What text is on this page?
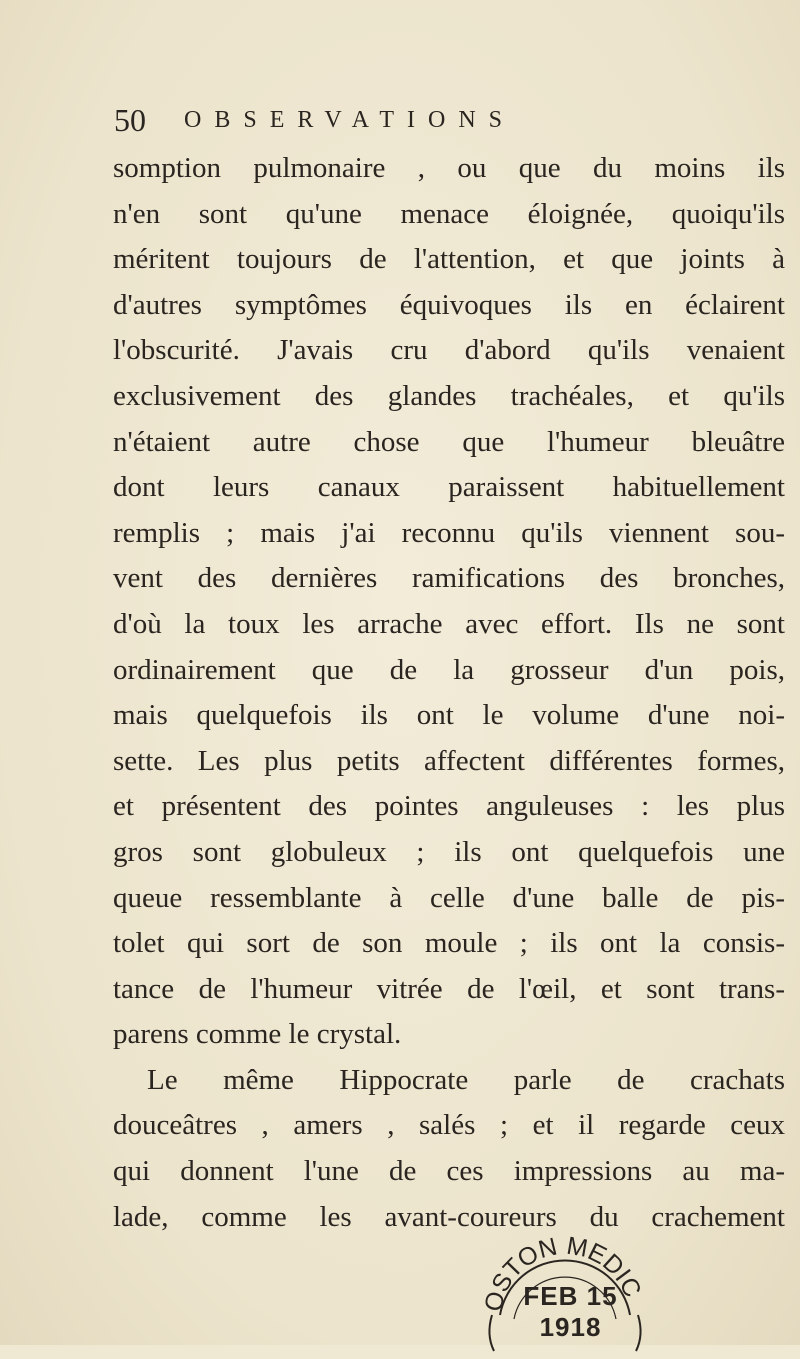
50 OBSERVATIONS
somption pulmonaire , ou que du moins ils
n'en sont qu'une menace éloignée, quoiqu'ils
méritent toujours de l'attention, et que joints à
d'autres symptômes équivoques ils en éclairent
l'obscurité. J'avais cru d'abord qu'ils venaient
exclusivement des glandes trachéales, et qu'ils
n'étaient autre chose que l'humeur bleuâtre
dont leurs canaux paraissent habituellement
remplis ; mais j'ai reconnu qu'ils viennent sou-
vent des dernières ramifications des bronches,
d'où la toux les arrache avec effort. Ils ne sont
ordinairement que de la grosseur d'un pois,
mais quelquefois ils ont le volume d'une noi-
sette. Les plus petits affectent différentes formes,
et présentent des pointes anguleuses : les plus
gros sont globuleux ; ils ont quelquefois une
queue ressemblante à celle d'une balle de pis-
tolet qui sort de son moule ; ils ont la consis-
tance de l'humeur vitrée de l'œil, et sont trans-
parens comme le crystal.
Le même Hippocrate parle de crachats
douceâtres , amers , salés ; et il regarde ceux
qui donnent l'une de ces impressions au ma-
lade, comme les avant-coureurs du crachement
OSTON MEDIC
FEB 15 1918
